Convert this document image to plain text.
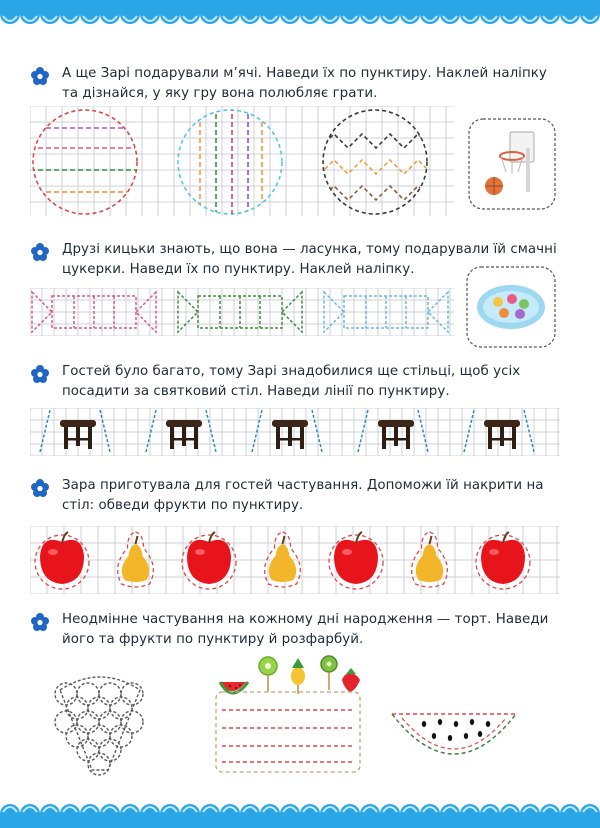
А ще Зарі подарували м’ячі. Наведи їх по пунктиру. Наклей наліпку та дізнайся, у яку гру вона полюбляє грати.
Друзі кицьки знають, що вона — ласунка, тому подарували їй смачні цукерки. Наведи їх по пунктиру. Наклей наліпку.
Гостей було багато, тому Зарі знадобилися ще стільці, щоб усіх посадити за святковий стіл. Наведи лінії по пунктиру.
Зара приготувала для гостей частування. Допоможи їй накрити на стіл: обведи фрукти по пунктиру.
Неодмінне частування на кожному дні народження — торт. Наведи його та фрукти по пунктиру й розфарбуй.
